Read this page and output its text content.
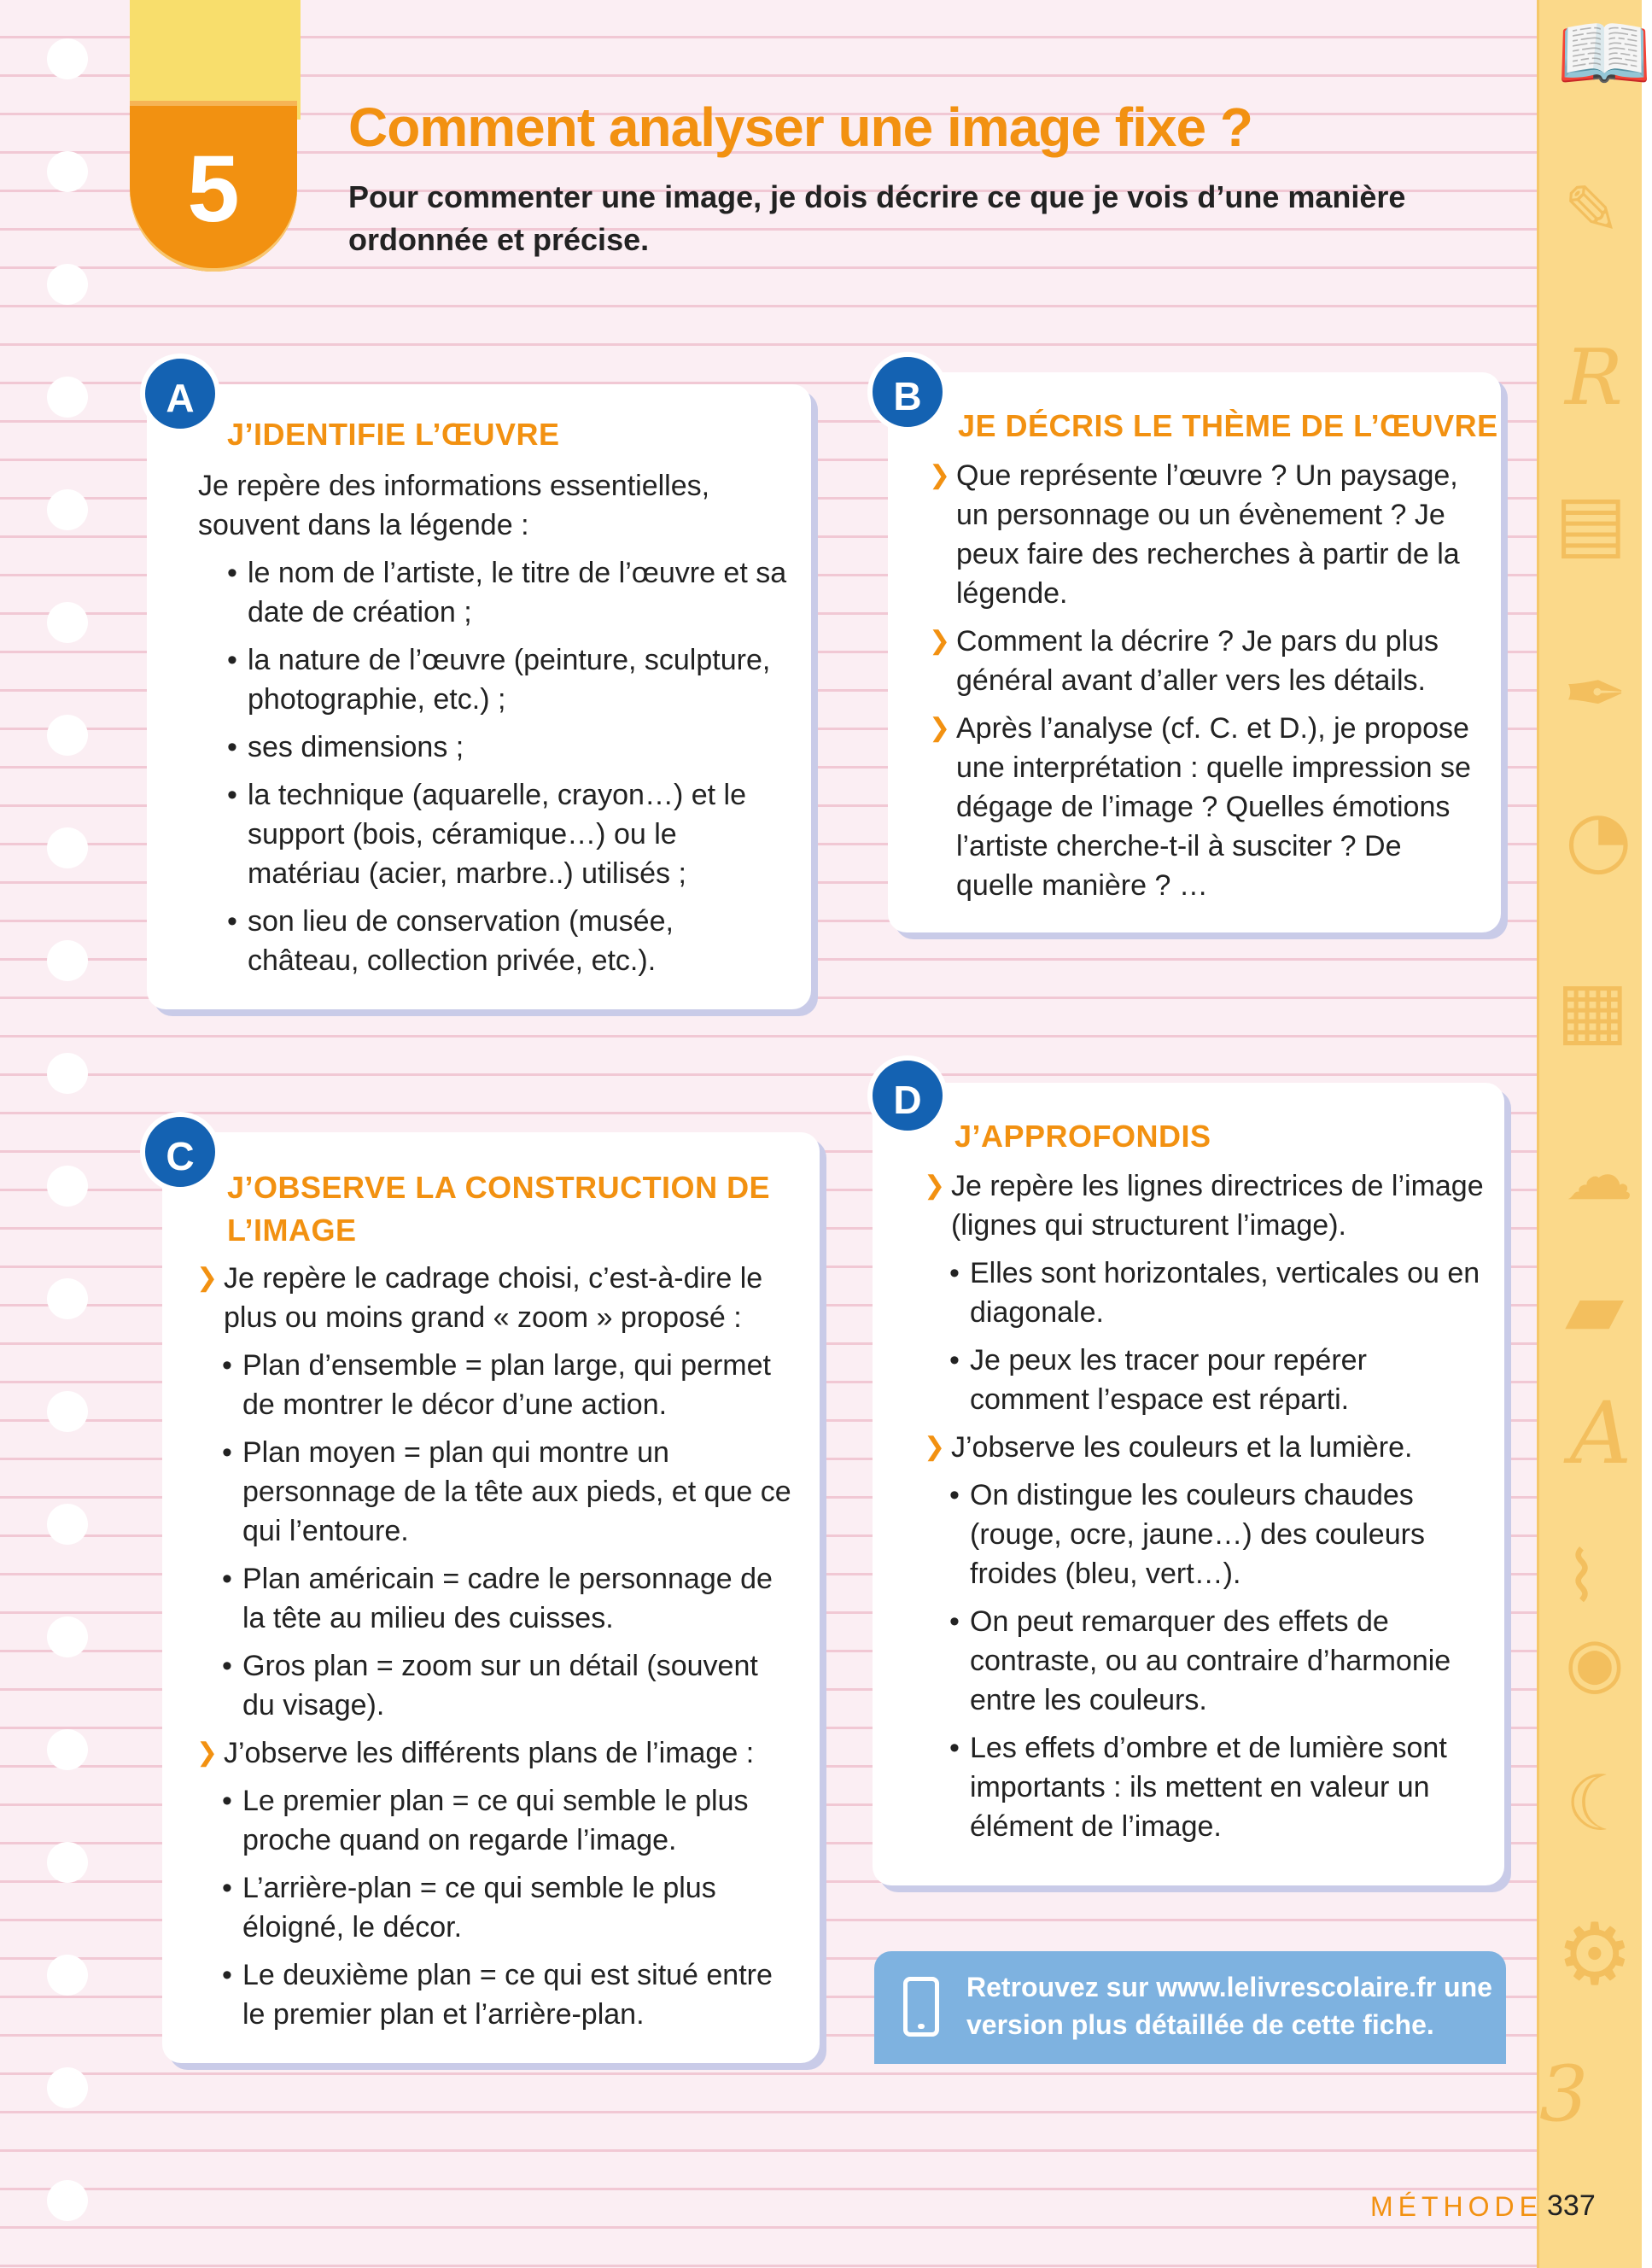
📖
✎
R
▤
✒
◔
▦
☁
▰
A
⌇
◉
☾
⚙
3
5
Comment analyser une image fixe ?
Pour commenter une image, je dois décrire ce que je vois d’une manière ordonnée et précise.
J’IDENTIFIE L’ŒUVRE

Je repère des informations essentielles, souvent dans la légende :

• le nom de l’artiste, le titre de l’œuvre et sa date de création ;

• la nature de l’œuvre (peinture, sculpture, photographie, etc.) ;

• ses dimensions ;

• la technique (aquarelle, crayon…) et le support (bois, céramique…) ou le matériau (acier, marbre..) utilisés ;

• son lieu de conservation (musée, château, collection privée, etc.).

A
JE DÉCRIS LE THÈME DE L’ŒUVRE

❯ Que représente l’œuvre ? Un paysage, un personnage ou un évènement ? Je peux faire des recherches à partir de la légende.

❯ Comment la décrire ? Je pars du plus général avant d’aller vers les détails.

❯ Après l’analyse (cf. C. et D.), je propose une interprétation : quelle impression se dégage de l’image ? Quelles émotions l’artiste cherche-t-il à susciter ? De quelle manière ? …

B
J’OBSERVE LA CONSTRUCTION DE L’IMAGE

❯ Je repère le cadrage choisi, c’est-à-dire le plus ou moins grand « zoom » proposé :

• Plan d’ensemble = plan large, qui permet de montrer le décor d’une action.

• Plan moyen = plan qui montre un personnage de la tête aux pieds, et que ce qui l’entoure.

• Plan américain = cadre le personnage de la tête au milieu des cuisses.

• Gros plan = zoom sur un détail (souvent du visage).

❯ J’observe les différents plans de l’image :

• Le premier plan = ce qui semble le plus proche quand on regarde l’image.

• L’arrière-plan = ce qui semble le plus éloigné, le décor.

• Le deuxième plan = ce qui est situé entre le premier plan et l’arrière-plan.

C	J’APPROFONDIS

❯ Je repère les lignes directrices de l’image (lignes qui structurent l’image).

• Elles sont horizontales, verticales ou en diagonale.

• Je peux les tracer pour repérer comment l’espace est réparti.

❯ J’observe les couleurs et la lumière.

• On distingue les couleurs chaudes (rouge, ocre, jaune…) des couleurs froides (bleu, vert…).

• On peut remarquer des effets de contraste, ou au contraire d’harmonie entre les couleurs.

• Les effets d’ombre et de lumière sont importants : ils mettent en valeur un élément de l’image.

D
Retrouvez sur www.lelivrescolaire.fr une version plus détaillée de cette fiche.
MÉTHODE 337
